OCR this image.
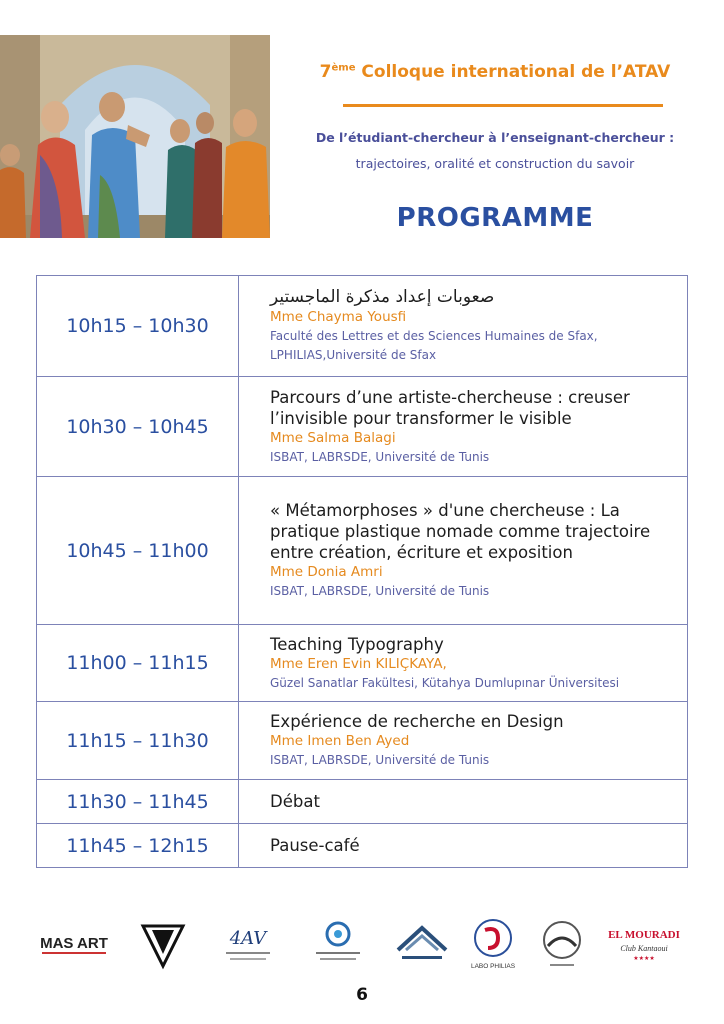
7ème Colloque international de l’ATAV
De l’étudiant-chercheur à l’enseignant-chercheur :
trajectoires, oralité et construction du savoir
PROGRAMME
10h15 – 10h30	صعوبات إعداد مذكرة الماجستير
Mme Chayma Yousfi
Faculté des Lettres et des Sciences Humaines de Sfax, LPHILIAS,Université de Sfax

10h30 – 10h45	Parcours d’une artiste-chercheuse : creuser l’invisible pour transformer le visible
Mme Salma Balagi
ISBAT, LABRSDE, Université de Tunis

10h45 – 11h00	« Métamorphoses » d'une chercheuse : La pratique plastique nomade comme trajectoire entre création, écriture et exposition
Mme Donia Amri
ISBAT, LABRSDE, Université de Tunis

11h00 – 11h15	Teaching Typography
Mme Eren Evin KILIÇKAYA,
Güzel Sanatlar Fakültesi, Kütahya Dumlupınar Üniversitesi

11h15 – 11h30	Expérience de recherche en Design
Mme Imen Ben Ayed
ISBAT, LABRSDE, Université de Tunis

11h30 – 11h45	Débat

11h45 – 12h15	Pause-café
MAS ART	4AV
LABO PHILIAS
EL MOURADI
Club Kantaoui
★★★★
6
